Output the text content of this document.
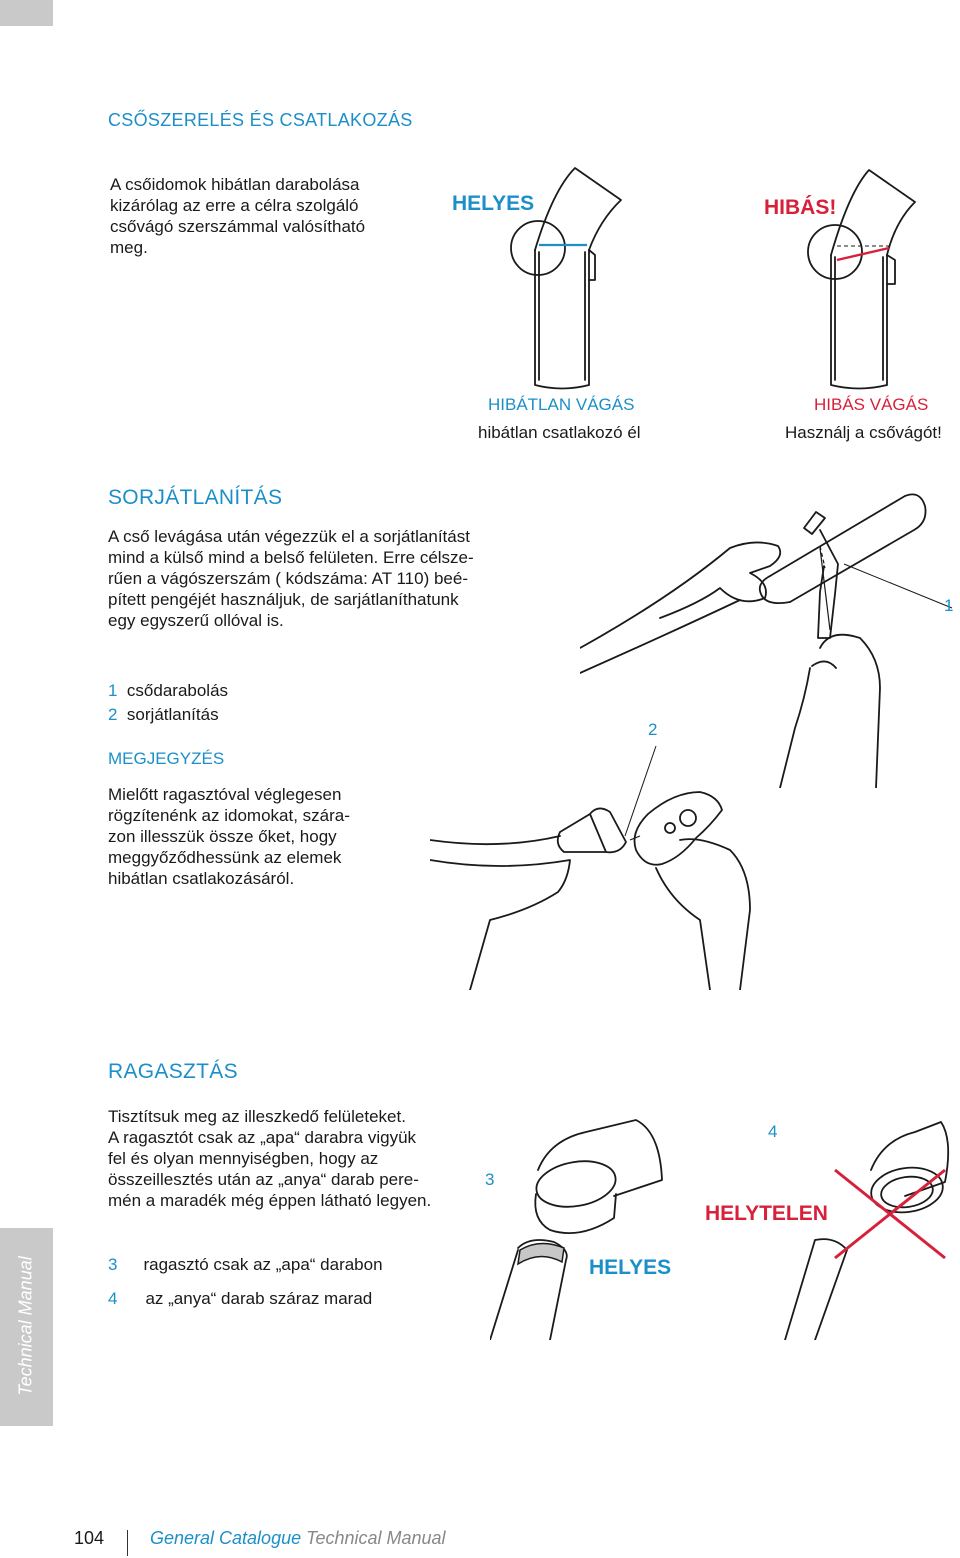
Technical Manual
CSŐSZERELÉS ÉS CSATLAKOZÁS
A csőidomok hibátlan darabolása
kizárólag az erre a célra szolgáló
csővágó szerszámmal valósítható
meg.
HELYES	HIBÁS!
HIBÁTLAN VÁGÁS
hibátlan csatlakozó él
HIBÁS VÁGÁS
Használj a csővágót!
SORJÁTLANÍTÁS
A cső levágása után végezzük el a sorjátlanítást
mind a külső mind a belső felületen. Erre célsze-
rűen a vágószerszám ( kódszáma: AT 110) beé-
pített pengéjét használjuk, de sarjátlaníthatunk
egy egyszerű ollóval is.
1
1 csődarabolás
2 sorjátlanítás
MEGJEGYZÉS
Mielőtt ragasztóval véglegesen
rögzítenénk az idomokat, szára-
zon illesszük össze őket, hogy
meggyőződhessünk az elemek
hibátlan csatlakozásáról.
2
RAGASZTÁS
Tisztítsuk meg az illeszkedő felületeket.
A ragasztót csak az „apa“ darabra vigyük
fel és olyan mennyiségben, hogy az
összeillesztés után az „anya“ darab pere-
mén a maradék még éppen látható legyen.
3 ragasztó csak az „apa“ darabon
4 az „anya“ darab száraz marad
3
4
HELYES
HELYTELEN
104	General Catalogue Technical Manual
